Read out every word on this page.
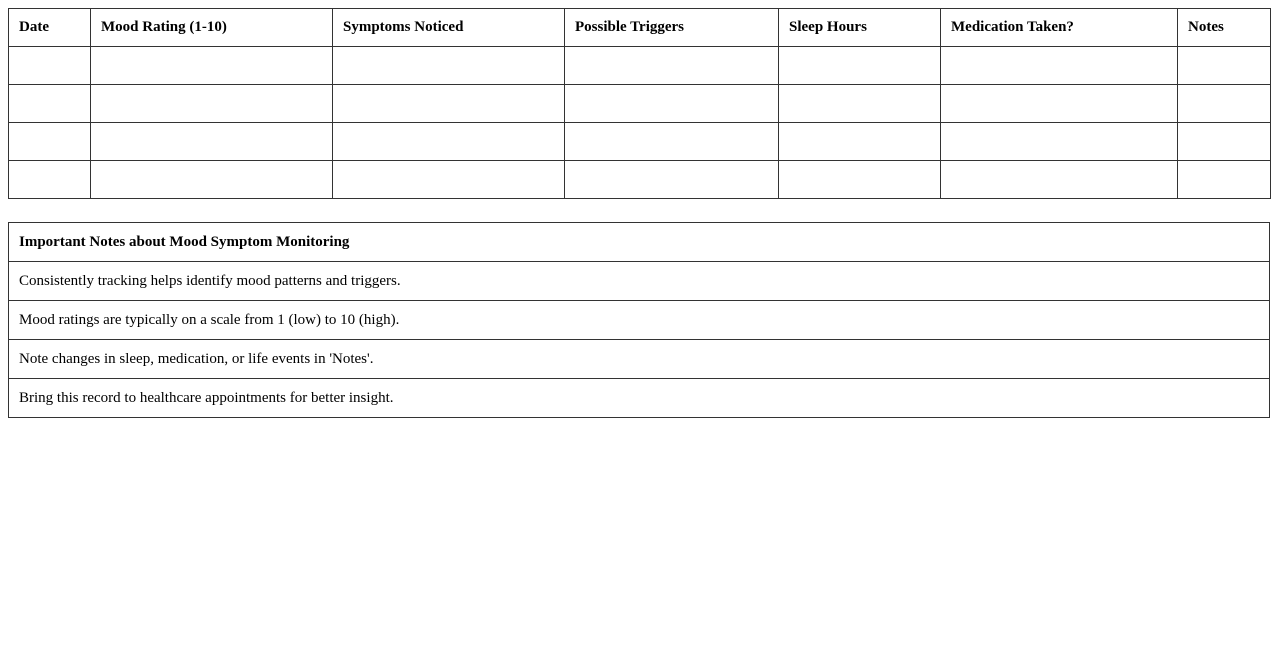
Date	Mood Rating (1-10)	Symptoms Noticed	Possible Triggers	Sleep Hours	Medication Taken?	Notes

Important Notes about Mood Symptom Monitoring
Consistently tracking helps identify mood patterns and triggers.
Mood ratings are typically on a scale from 1 (low) to 10 (high).
Note changes in sleep, medication, or life events in 'Notes'.
Bring this record to healthcare appointments for better insight.
